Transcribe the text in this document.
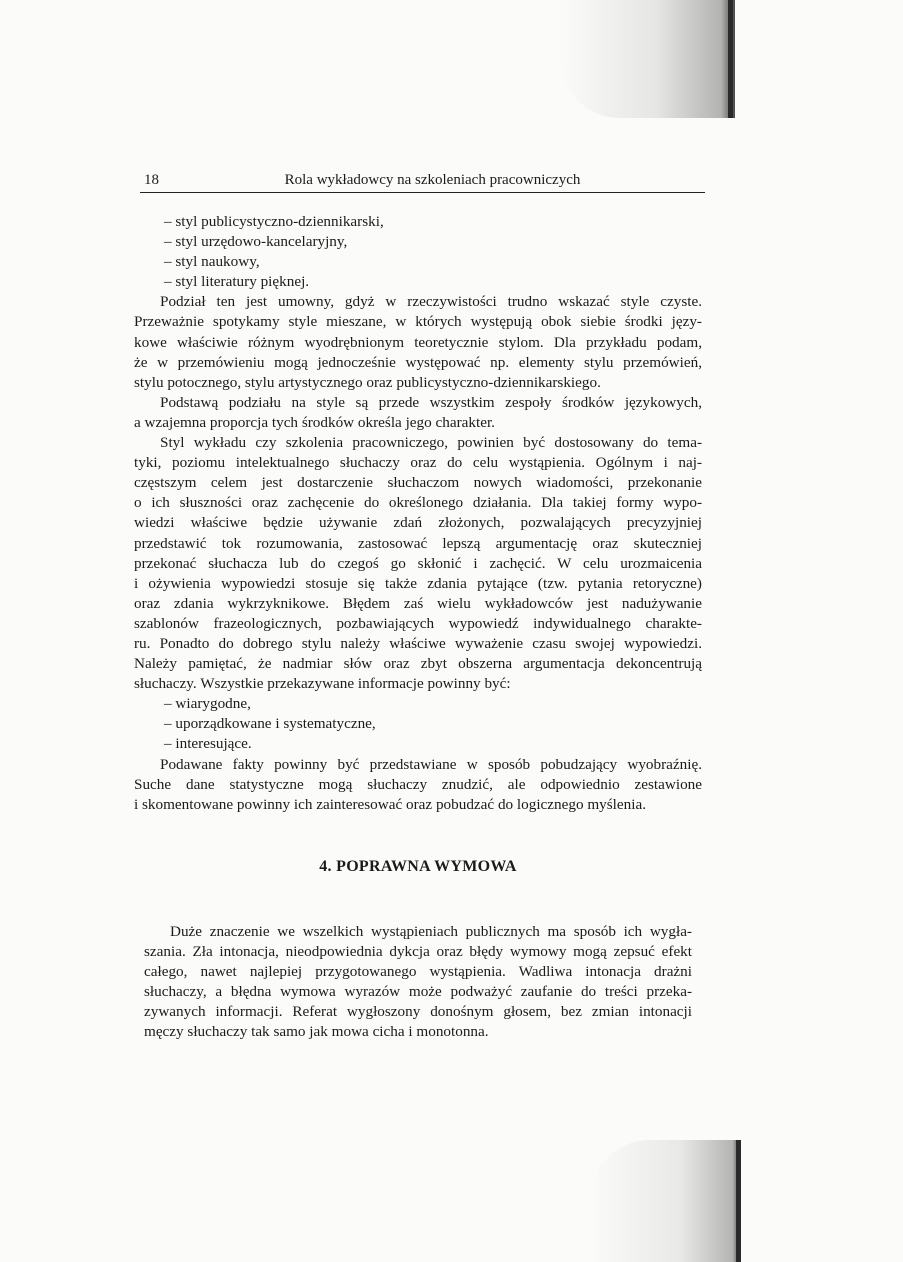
18	Rola wykładowcy na szkoleniach pracowniczych
– styl publicystyczno-dziennikarski,
– styl urzędowo-kancelaryjny,
– styl naukowy,
– styl literatury pięknej.
Podział ten jest umowny, gdyż w rzeczywistości trudno wskazać style czyste.
Przeważnie spotykamy style mieszane, w których występują obok siebie środki języ-
kowe właściwie różnym wyodrębnionym teoretycznie stylom. Dla przykładu podam,
że w przemówieniu mogą jednocześnie występować np. elementy stylu przemówień,
stylu potocznego, stylu artystycznego oraz publicystyczno-dziennikarskiego.
Podstawą podziału na style są przede wszystkim zespoły środków językowych,
a wzajemna proporcja tych środków określa jego charakter.
Styl wykładu czy szkolenia pracowniczego, powinien być dostosowany do tema-
tyki, poziomu intelektualnego słuchaczy oraz do celu wystąpienia. Ogólnym i naj-
częstszym celem jest dostarczenie słuchaczom nowych wiadomości, przekonanie
o ich słuszności oraz zachęcenie do określonego działania. Dla takiej formy wypo-
wiedzi właściwe będzie używanie zdań złożonych, pozwalających precyzyjniej
przedstawić tok rozumowania, zastosować lepszą argumentację oraz skuteczniej
przekonać słuchacza lub do czegoś go skłonić i zachęcić. W celu urozmaicenia
i ożywienia wypowiedzi stosuje się także zdania pytające (tzw. pytania retoryczne)
oraz zdania wykrzyknikowe. Błędem zaś wielu wykładowców jest nadużywanie
szablonów frazeologicznych, pozbawiających wypowiedź indywidualnego charakte-
ru. Ponadto do dobrego stylu należy właściwe wyważenie czasu swojej wypowiedzi.
Należy pamiętać, że nadmiar słów oraz zbyt obszerna argumentacja dekoncentrują
słuchaczy. Wszystkie przekazywane informacje powinny być:
– wiarygodne,
– uporządkowane i systematyczne,
– interesujące.
Podawane fakty powinny być przedstawiane w sposób pobudzający wyobraźnię.
Suche dane statystyczne mogą słuchaczy znudzić, ale odpowiednio zestawione
i skomentowane powinny ich zainteresować oraz pobudzać do logicznego myślenia.
4. POPRAWNA WYMOWA
Duże znaczenie we wszelkich wystąpieniach publicznych ma sposób ich wygła-
szania. Zła intonacja, nieodpowiednia dykcja oraz błędy wymowy mogą zepsuć efekt
całego, nawet najlepiej przygotowanego wystąpienia. Wadliwa intonacja drażni
słuchaczy, a błędna wymowa wyrazów może podważyć zaufanie do treści przeka-
zywanych informacji. Referat wygłoszony donośnym głosem, bez zmian intonacji
męczy słuchaczy tak samo jak mowa cicha i monotonna.
